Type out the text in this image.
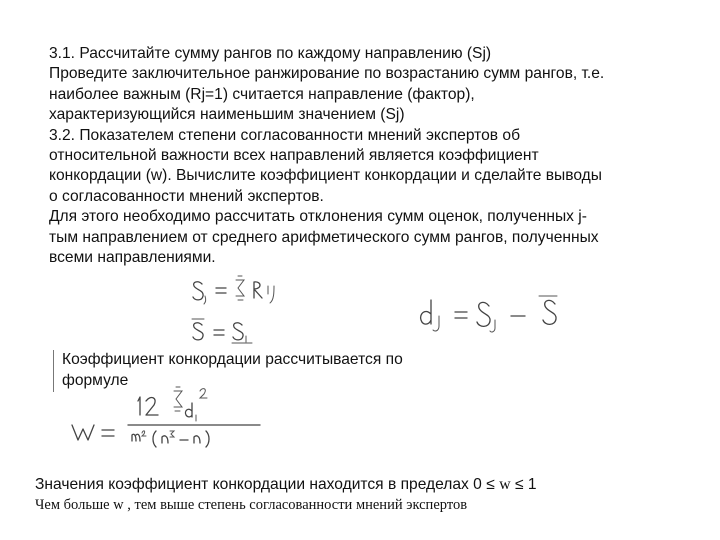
3.1. Рассчитайте сумму рангов по каждому направлению (Sj)

Проведите заключительное ранжирование по возрастанию сумм рангов, т.е.

наиболее важным (Rj=1) считается направление (фактор),

характеризующийся наименьшим значением (Sj)

3.2. Показателем степени согласованности мнений экспертов об

относительной важности всех направлений является коэффициент

конкордации (w). Вычислите коэффициент конкордации и сделайте выводы

о согласованности мнений экспертов.

Для этого необходимо рассчитать отклонения сумм оценок, полученных j-

тым направлением от среднего арифметического сумм рангов, полученных

всеми направлениями.

Коэффициент конкордации рассчитывается по

формуле

Значения коэффициент конкордации находится в пределах 0 ≤ w ≤ 1
Чем больше w , тем выше степень согласованности мнений экспертов
